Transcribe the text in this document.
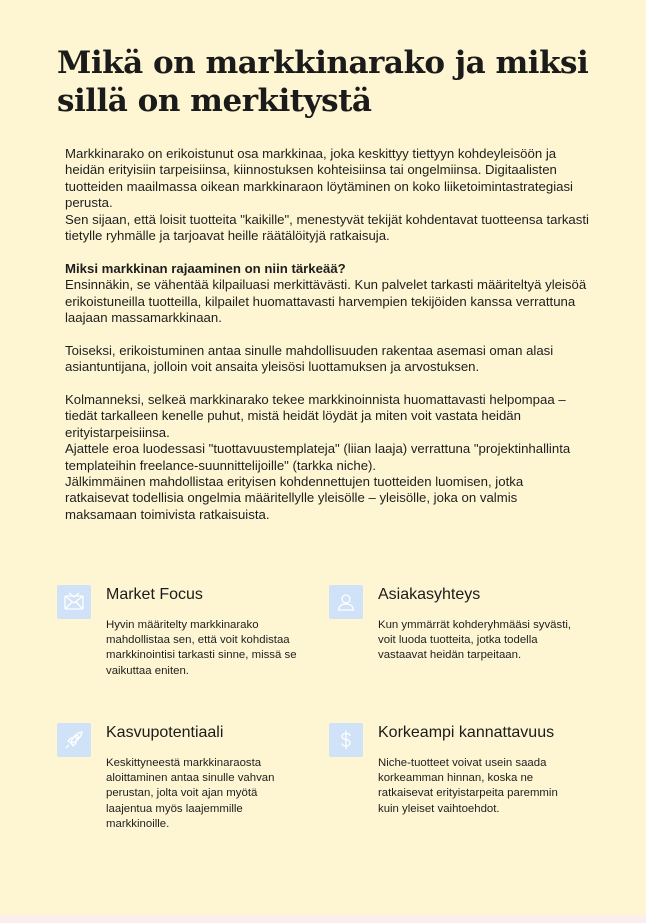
Mikä on markkinarako ja miksi sillä on merkitystä

Markkinarako on erikoistunut osa markkinaa, joka keskittyy tiettyyn kohdeyleisöön ja heidän erityisiin tarpeisiinsa, kiinnostuksen kohteisiinsa tai ongelmiinsa. Digitaalisten tuotteiden maailmassa oikean markkinaraon löytäminen on koko liiketoimintastrategiasi perusta.

Sen sijaan, että loisit tuotteita "kaikille", menestyvät tekijät kohdentavat tuotteensa tarkasti tietylle ryhmälle ja tarjoavat heille räätälöityjä ratkaisuja.

Miksi markkinan rajaaminen on niin tärkeää?

Ensinnäkin, se vähentää kilpailuasi merkittävästi. Kun palvelet tarkasti määriteltyä yleisöä erikoistuneilla tuotteilla, kilpailet huomattavasti harvempien tekijöiden kanssa verrattuna laajaan massamarkkinaan.

Toiseksi, erikoistuminen antaa sinulle mahdollisuuden rakentaa asemasi oman alasi asiantuntijana, jolloin voit ansaita yleisösi luottamuksen ja arvostuksen.

Kolmanneksi, selkeä markkinarako tekee markkinoinnista huomattavasti helpompaa – tiedät tarkalleen kenelle puhut, mistä heidät löydät ja miten voit vastata heidän erityistarpeisiinsa.

Ajattele eroa luodessasi "tuottavuustemplateja" (liian laaja) verrattuna "projektinhallinta templateihin freelance-suunnittelijoille" (tarkka niche).

Jälkimmäinen mahdollistaa erityisen kohdennettujen tuotteiden luomisen, jotka ratkaisevat todellisia ongelmia määritellylle yleisölle – yleisölle, joka on valmis maksamaan toimivista ratkaisuista.

Market Focus
Hyvin määritelty markkinarako mahdollistaa sen, että voit kohdistaa markkinointisi tarkasti sinne, missä se vaikuttaa eniten.
Asiakasyhteys
Kun ymmärrät kohderyhmääsi syvästi, voit luoda tuotteita, jotka todella vastaavat heidän tarpeitaan.
Kasvupotentiaali
Keskittyneestä markkinaraosta aloittaminen antaa sinulle vahvan perustan, jolta voit ajan myötä laajentua myös laajemmille markkinoille.
Korkeampi kannattavuus
Niche-tuotteet voivat usein saada korkeamman hinnan, koska ne ratkaisevat erityistarpeita paremmin kuin yleiset vaihtoehdot.
